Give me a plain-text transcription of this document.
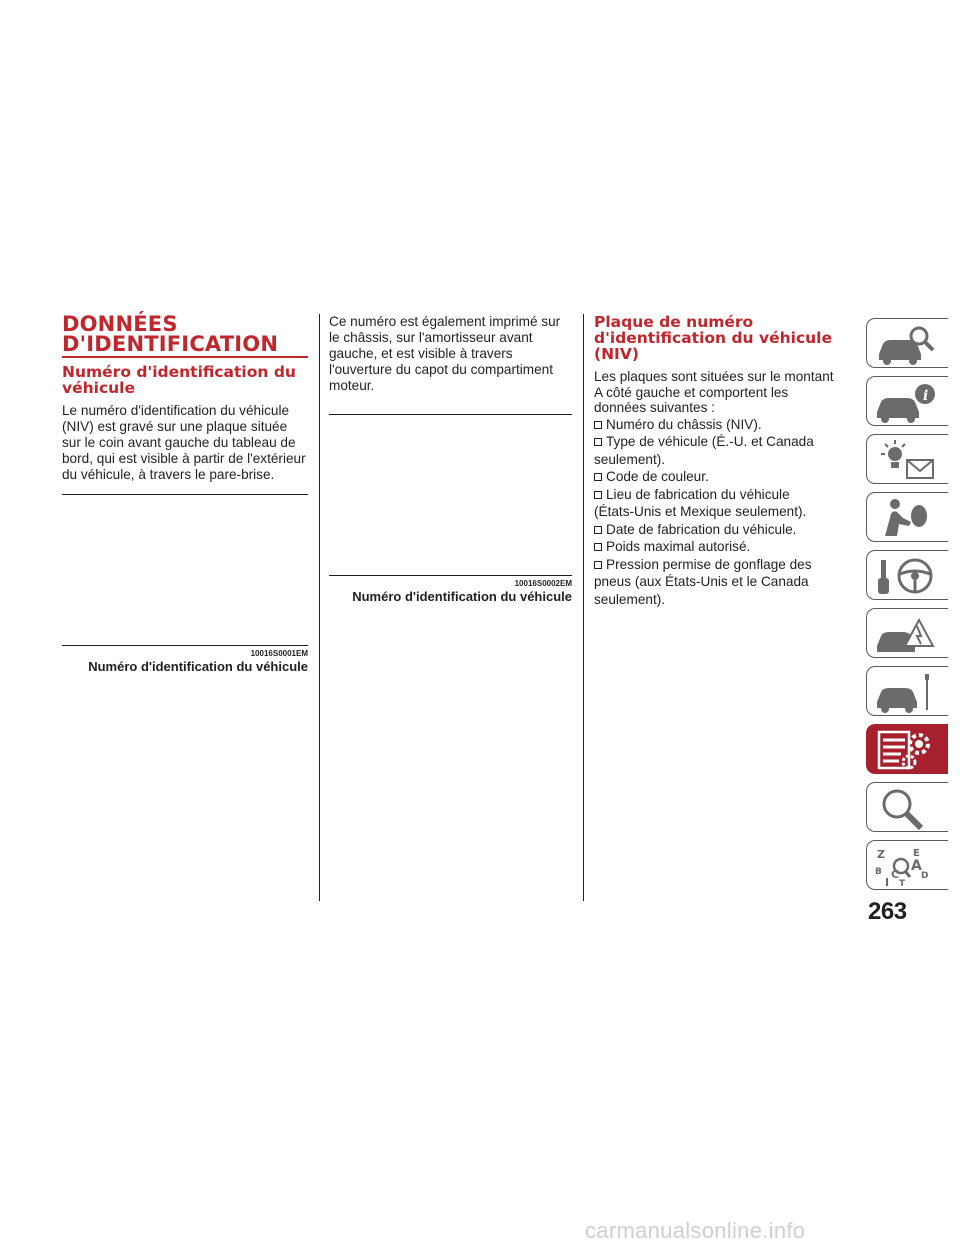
DONNÉES D'IDENTIFICATION
Numéro d'identification du véhicule

Le numéro d'identification du véhicule (NIV) est gravé sur une plaque située sur le coin avant gauche du tableau de bord, qui est visible à partir de l'extérieur du véhicule, à travers le pare-brise.

10016S0001EM
Numéro d'identification du véhicule

Ce numéro est également imprimé sur le châssis, sur l'amortisseur avant gauche, et est visible à travers l'ouverture du capot du compartiment moteur.

10016S0002EM
Numéro d'identification du véhicule
Plaque de numéro d'identification du véhicule (NIV)

Les plaques sont situées sur le montant A côté gauche et comportent les données suivantes :

Numéro du châssis (NIV).

Type de véhicule (É.-U. et Canada
seulement).
Code de couleur.

Lieu de fabrication du véhicule
(États-Unis et Mexique seulement).
Date de fabrication du véhicule.

Poids maximal autorisé.

Pression permise de gonflage des
pneus (aux États-Unis et le Canada seulement).
i
Z	E
B A
C D
T
I
263
carmanualsonline.info
